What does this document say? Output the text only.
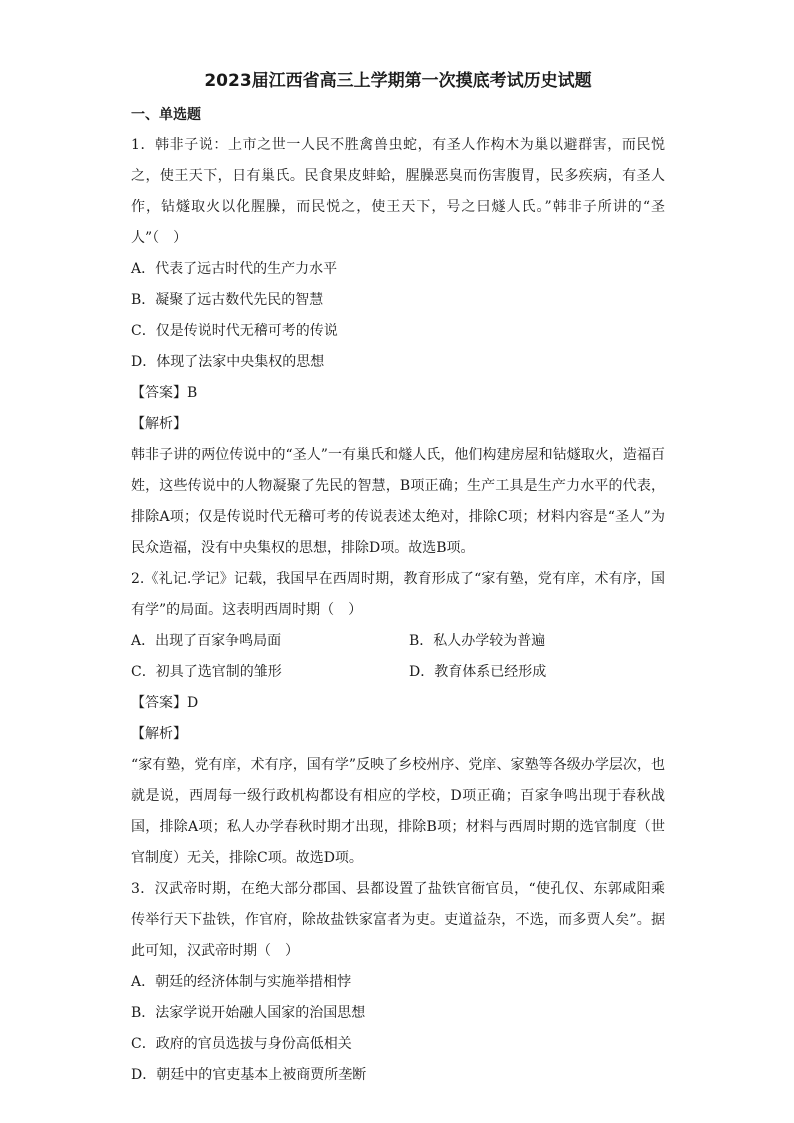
2023届江西省高三上学期第一次摸底考试历史试题
一、单选题

1．韩非子说：上市之世一人民不胜禽兽虫蛇，有圣人作构木为巢以避群害，而民悦之，使王天下，日有巢氏。民食果皮蚌蛤，腥臊恶臭而伤害腹胃，民多疾病，有圣人作，钻燧取火以化腥臊，而民悦之，使王天下，号之曰燧人氏。”韩非子所讲的“圣人”（　）

A．代表了远古时代的生产力水平

B．凝聚了远古数代先民的智慧

C．仅是传说时代无稽可考的传说

D．体现了法家中央集权的思想

【答案】B

【解析】

韩非子讲的两位传说中的“圣人”一有巢氏和燧人氏，他们构建房屋和钻燧取火，造福百姓，这些传说中的人物凝聚了先民的智慧，B项正确；生产工具是生产力水平的代表，排除A项；仅是传说时代无稽可考的传说表述太绝对，排除C项；材料内容是“圣人”为民众造福，没有中央集权的思想，排除D项。故选B项。

2.《礼记.学记》记载，我国早在西周时期，教育形成了“家有塾，党有庠，术有序，国有学”的局面。这表明西周时期（　）

A．出现了百家争鸣局面	B．私人办学较为普遍

C．初具了选官制的雏形	D．教育体系已经形成

【答案】D

【解析】

“家有塾，党有庠，术有序，国有学”反映了乡校州序、党庠、家塾等各级办学层次，也就是说，西周每一级行政机构都设有相应的学校，D项正确；百家争鸣出现于春秋战国，排除A项；私人办学春秋时期才出现，排除B项；材料与西周时期的选官制度（世官制度）无关，排除C项。故选D项。

3．汉武帝时期，在绝大部分郡国、县都设置了盐铁官衙官员，“使孔仅、东郭咸阳乘传举行天下盐铁，作官府，除故盐铁家富者为吏。吏道益杂，不选，而多贾人矣”。据此可知，汉武帝时期（　）

A．朝廷的经济体制与实施举措相悖

B．法家学说开始融人国家的治国思想

C．政府的官员选拔与身份高低相关

D．朝廷中的官吏基本上被商贾所垄断
